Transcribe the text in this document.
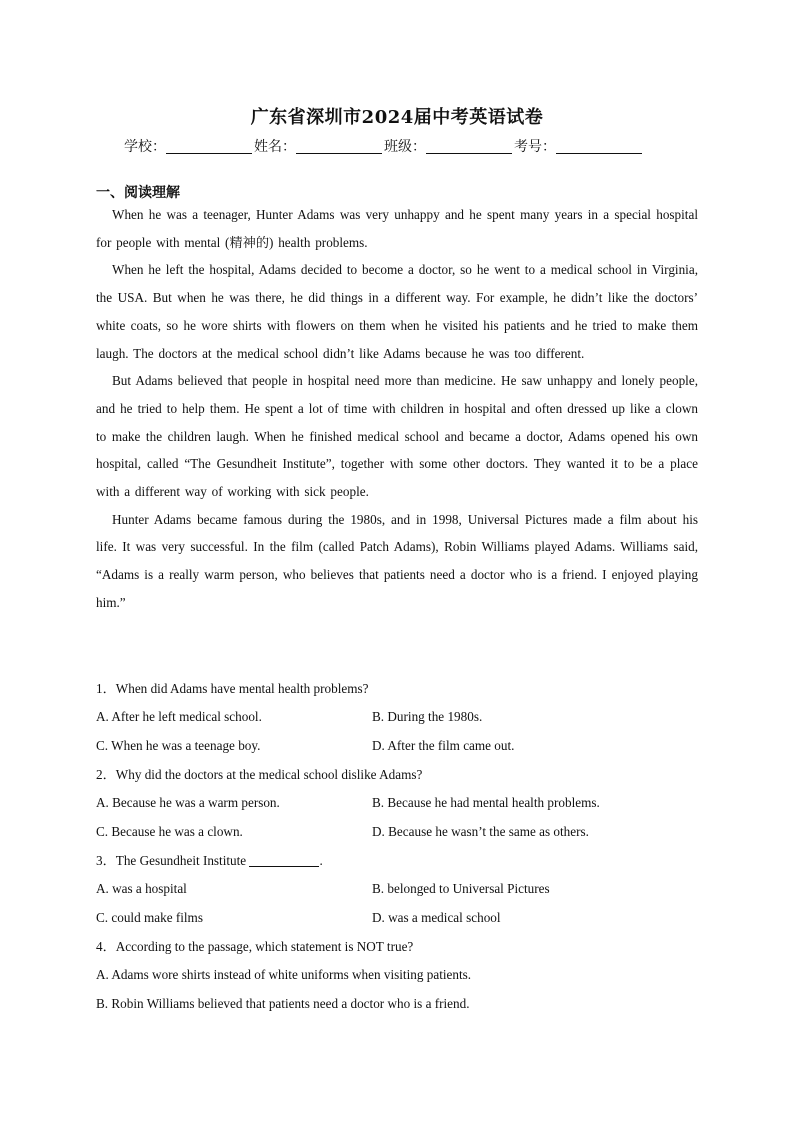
广东省深圳市2024届中考英语试卷
学校：	姓名：	班级：	考号：
一、阅读理解

When he was a teenager, Hunter Adams was very unhappy and he spent many years in a special hospital for people with mental (精神的) health problems.

When he left the hospital, Adams decided to become a doctor, so he went to a medical school in Virginia, the USA. But when he was there, he did things in a different way. For example, he didn’t like the doctors’ white coats, so he wore shirts with flowers on them when he visited his patients and he tried to make them laugh. The doctors at the medical school didn’t like Adams because he was too different.

But Adams believed that people in hospital need more than medicine. He saw unhappy and lonely people, and he tried to help them. He spent a lot of time with children in hospital and often dressed up like a clown to make the children laugh. When he finished medical school and became a doctor, Adams opened his own hospital, called “The Gesundheit Institute”, together with some other doctors. They wanted it to be a place with a different way of working with sick people.

Hunter Adams became famous during the 1980s, and in 1998, Universal Pictures made a film about his life. It was very successful. In the film (called Patch Adams), Robin Williams played Adams. Williams said, “Adams is a really warm person, who believes that patients need a doctor who is a friend. I enjoyed playing him.”

1．When did Adams have mental health problems?
A. After he left medical school.	B. During the 1980s.
C. When he was a teenage boy.	D. After the film came out.
2．Why did the doctors at the medical school dislike Adams?
A. Because he was a warm person.	B. Because he had mental health problems.
C. Because he was a clown.	D. Because he wasn’t the same as others.
3．The Gesundheit Institute	.
A. was a hospital	B. belonged to Universal Pictures
C. could make films	D. was a medical school
4．According to the passage, which statement is NOT true?
A. Adams wore shirts instead of white uniforms when visiting patients.
B. Robin Williams believed that patients need a doctor who is a friend.
